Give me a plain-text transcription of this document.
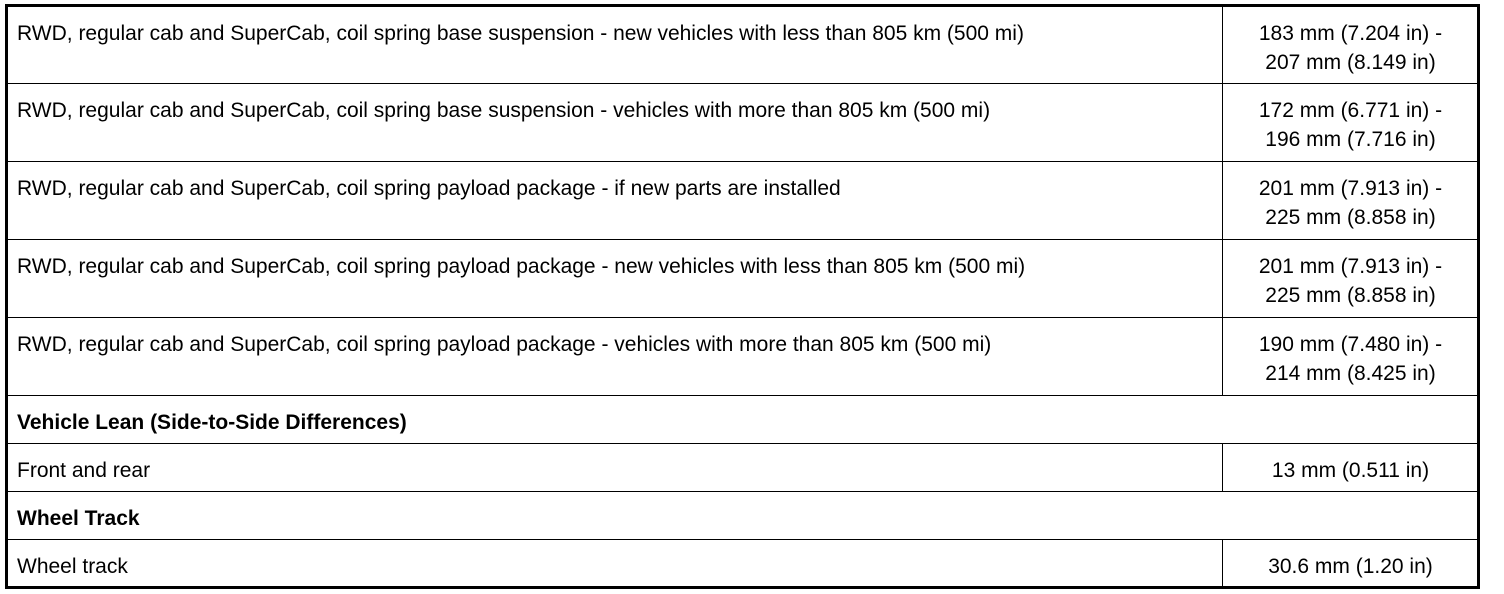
RWD, regular cab and SuperCab, coil spring base suspension - new vehicles with less than 805 km (500 mi)	183 mm (7.204 in) -
207 mm (8.149 in)

RWD, regular cab and SuperCab, coil spring base suspension - vehicles with more than 805 km (500 mi)	172 mm (6.771 in) -
196 mm (7.716 in)

RWD, regular cab and SuperCab, coil spring payload package - if new parts are installed	201 mm (7.913 in) -
225 mm (8.858 in)

RWD, regular cab and SuperCab, coil spring payload package - new vehicles with less than 805 km (500 mi)	201 mm (7.913 in) -
225 mm (8.858 in)

RWD, regular cab and SuperCab, coil spring payload package - vehicles with more than 805 km (500 mi)	190 mm (7.480 in) -
214 mm (8.425 in)

Vehicle Lean (Side-to-Side Differences)	
Front and rear	13 mm (0.511 in)

Wheel Track	
Wheel track	30.6 mm (1.20 in)
